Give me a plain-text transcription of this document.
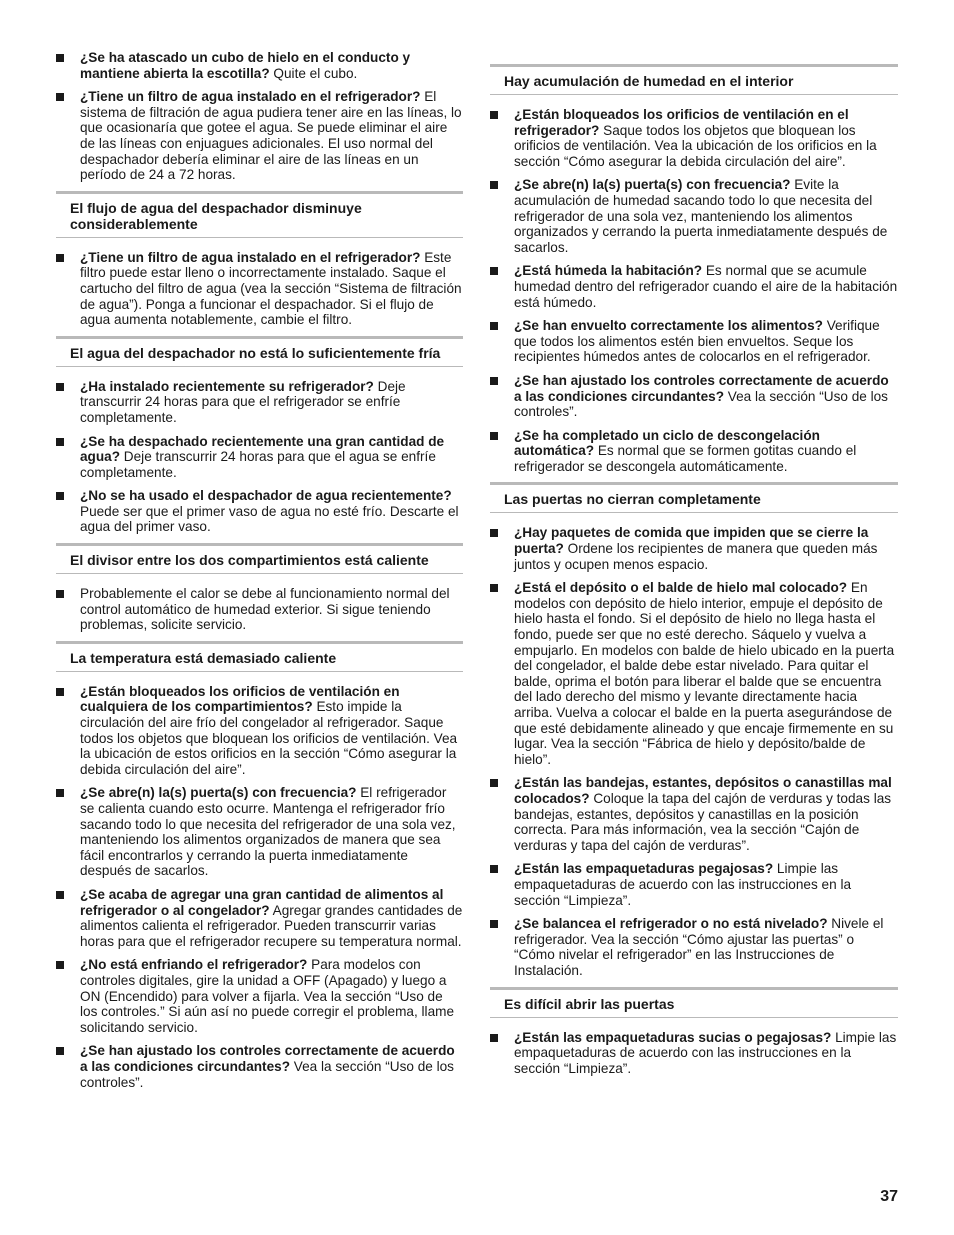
¿Se ha atascado un cubo de hielo en el conducto y mantiene abierta la escotilla? Quite el cubo.
¿Tiene un filtro de agua instalado en el refrigerador? El sistema de filtración de agua pudiera tener aire en las líneas, lo que ocasionaría que gotee el agua. Se puede eliminar el aire de las líneas con enjuagues adicionales. El uso normal del despachador debería eliminar el aire de las líneas en un período de 24 a 72 horas.
El flujo de agua del despachador disminuye considerablemente
¿Tiene un filtro de agua instalado en el refrigerador? Este filtro puede estar lleno o incorrectamente instalado. Saque el cartucho del filtro de agua (vea la sección “Sistema de filtración de agua”). Ponga a funcionar el despachador. Si el flujo de agua aumenta notablemente, cambie el filtro.
El agua del despachador no está lo suficientemente fría
¿Ha instalado recientemente su refrigerador? Deje transcurrir 24 horas para que el refrigerador se enfríe completamente.
¿Se ha despachado recientemente una gran cantidad de agua? Deje transcurrir 24 horas para que el agua se enfríe completamente.
¿No se ha usado el despachador de agua recientemente? Puede ser que el primer vaso de agua no esté frío. Descarte el agua del primer vaso.
El divisor entre los dos compartimientos está caliente
Probablemente el calor se debe al funcionamiento normal del control automático de humedad exterior. Si sigue teniendo problemas, solicite servicio.
La temperatura está demasiado caliente
¿Están bloqueados los orificios de ventilación en cualquiera de los compartimientos? Esto impide la circulación del aire frío del congelador al refrigerador. Saque todos los objetos que bloquean los orificios de ventilación. Vea la ubicación de estos orificios en la sección “Cómo asegurar la debida circulación del aire”.
¿Se abre(n) la(s) puerta(s) con frecuencia? El refrigerador se calienta cuando esto ocurre. Mantenga el refrigerador frío sacando todo lo que necesita del refrigerador de una sola vez, manteniendo los alimentos organizados de manera que sea fácil encontrarlos y cerrando la puerta inmediatamente después de sacarlos.
¿Se acaba de agregar una gran cantidad de alimentos al refrigerador o al congelador? Agregar grandes cantidades de alimentos calienta el refrigerador. Pueden transcurrir varias horas para que el refrigerador recupere su temperatura normal.
¿No está enfriando el refrigerador? Para modelos con controles digitales, gire la unidad a OFF (Apagado) y luego a ON (Encendido) para volver a fijarla. Vea la sección “Uso de los controles.” Si aún así no puede corregir el problema, llame solicitando servicio.
¿Se han ajustado los controles correctamente de acuerdo a las condiciones circundantes? Vea la sección “Uso de los controles”.
Hay acumulación de humedad en el interior
¿Están bloqueados los orificios de ventilación en el refrigerador? Saque todos los objetos que bloquean los orificios de ventilación. Vea la ubicación de los orificios en la sección “Cómo asegurar la debida circulación del aire”.
¿Se abre(n) la(s) puerta(s) con frecuencia? Evite la acumulación de humedad sacando todo lo que necesita del refrigerador de una sola vez, manteniendo los alimentos organizados y cerrando la puerta inmediatamente después de sacarlos.
¿Está húmeda la habitación? Es normal que se acumule humedad dentro del refrigerador cuando el aire de la habitación está húmedo.
¿Se han envuelto correctamente los alimentos? Verifique que todos los alimentos estén bien envueltos. Seque los recipientes húmedos antes de colocarlos en el refrigerador.
¿Se han ajustado los controles correctamente de acuerdo a las condiciones circundantes? Vea la sección “Uso de los controles”.
¿Se ha completado un ciclo de descongelación automática? Es normal que se formen gotitas cuando el refrigerador se descongela automáticamente.
Las puertas no cierran completamente
¿Hay paquetes de comida que impiden que se cierre la puerta? Ordene los recipientes de manera que queden más juntos y ocupen menos espacio.
¿Está el depósito o el balde de hielo mal colocado? En modelos con depósito de hielo interior, empuje el depósito de hielo hasta el fondo. Si el depósito de hielo no llega hasta el fondo, puede ser que no esté derecho. Sáquelo y vuelva a empujarlo. En modelos con balde de hielo ubicado en la puerta del congelador, el balde debe estar nivelado. Para quitar el balde, oprima el botón para liberar el balde que se encuentra del lado derecho del mismo y levante directamente hacia arriba. Vuelva a colocar el balde en la puerta asegurándose de que esté debidamente alineado y que encaje firmemente en su lugar. Vea la sección “Fábrica de hielo y depósito/balde de hielo”.
¿Están las bandejas, estantes, depósitos o canastillas mal colocados? Coloque la tapa del cajón de verduras y todas las bandejas, estantes, depósitos y canastillas en la posición correcta. Para más información, vea la sección “Cajón de verduras y tapa del cajón de verduras”.
¿Están las empaquetaduras pegajosas? Limpie las empaquetaduras de acuerdo con las instrucciones en la sección “Limpieza”.
¿Se balancea el refrigerador o no está nivelado? Nivele el refrigerador. Vea la sección “Cómo ajustar las puertas” o “Cómo nivelar el refrigerador” en las Instrucciones de Instalación.
Es difícil abrir las puertas
¿Están las empaquetaduras sucias o pegajosas? Limpie las empaquetaduras de acuerdo con las instrucciones en la sección “Limpieza”.
37
